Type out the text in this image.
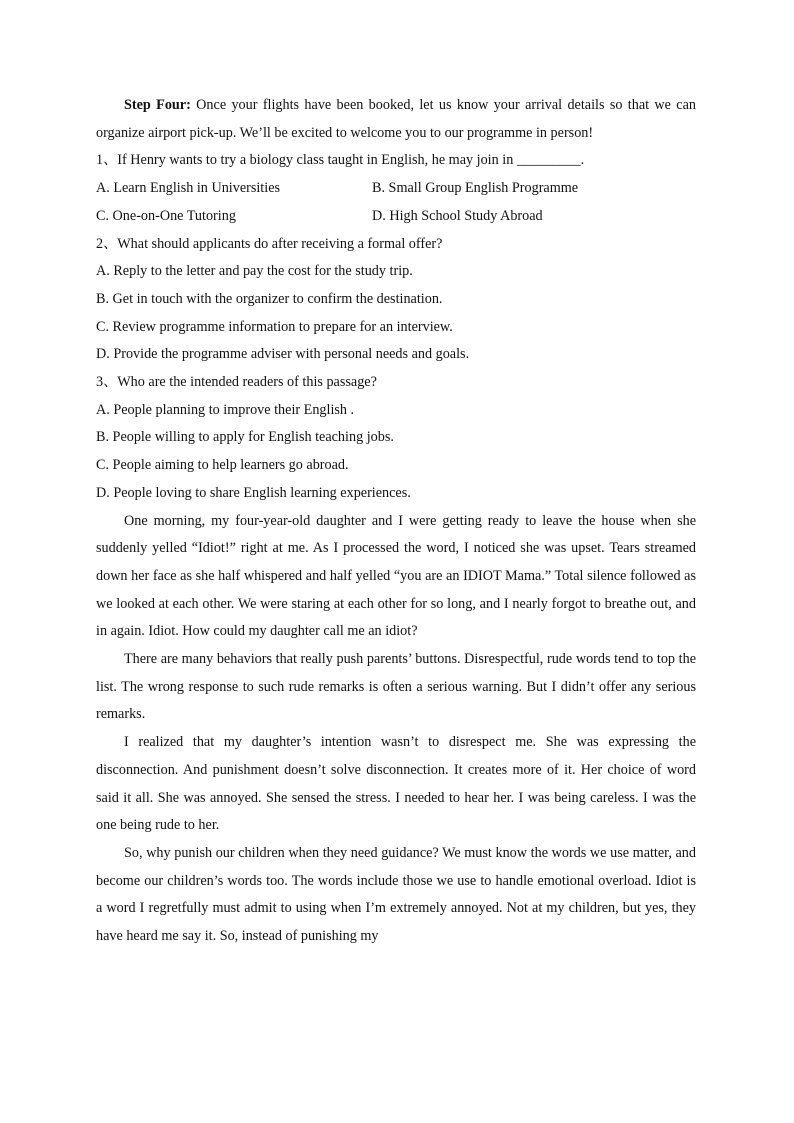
Step Four: Once your flights have been booked, let us know your arrival details so that we can organize airport pick-up. We’ll be excited to welcome you to our programme in person!

1、If Henry wants to try a biology class taught in English, he may join in _________.

A. Learn English in Universities	B. Small Group English Programme
C. One-on-One Tutoring	D. High School Study Abroad

2、What should applicants do after receiving a formal offer?

A. Reply to the letter and pay the cost for the study trip.

B. Get in touch with the organizer to confirm the destination.

C. Review programme information to prepare for an interview.

D. Provide the programme adviser with personal needs and goals.

3、Who are the intended readers of this passage?

A. People planning to improve their English .

B. People willing to apply for English teaching jobs.

C. People aiming to help learners go abroad.

D. People loving to share English learning experiences.

One morning, my four-year-old daughter and I were getting ready to leave the house when she suddenly yelled “Idiot!” right at me. As I processed the word, I noticed she was upset. Tears streamed down her face as she half whispered and half yelled “you are an IDIOT Mama.” Total silence followed as we looked at each other. We were staring at each other for so long, and I nearly forgot to breathe out, and in again. Idiot. How could my daughter call me an idiot?

There are many behaviors that really push parents’ buttons. Disrespectful, rude words tend to top the list. The wrong response to such rude remarks is often a serious warning. But I didn’t offer any serious remarks.

I realized that my daughter’s intention wasn’t to disrespect me. She was expressing the disconnection. And punishment doesn’t solve disconnection. It creates more of it. Her choice of word said it all. She was annoyed. She sensed the stress. I needed to hear her. I was being careless. I was the one being rude to her.

So, why punish our children when they need guidance? We must know the words we use matter, and become our children’s words too. The words include those we use to handle emotional overload. Idiot is a word I regretfully must admit to using when I’m extremely annoyed. Not at my children, but yes, they have heard me say it. So, instead of punishing my
